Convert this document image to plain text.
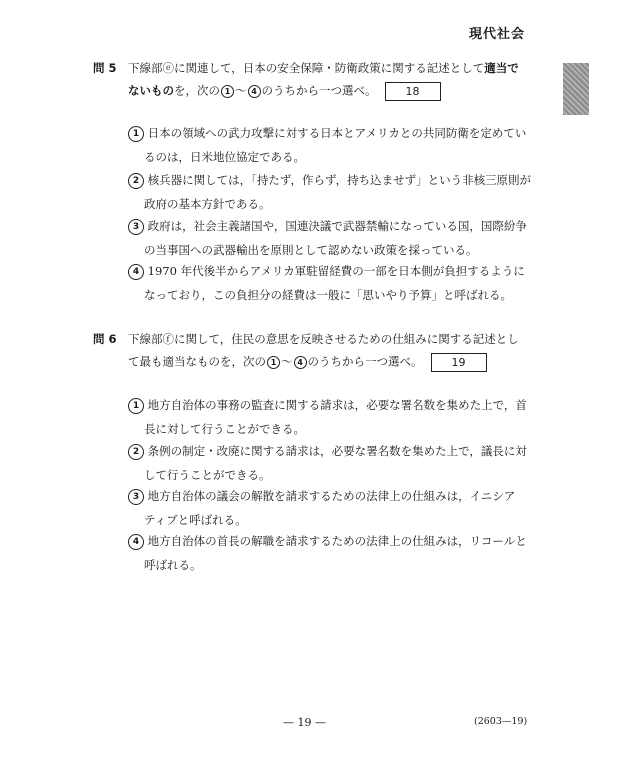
現代社会
問 5 下線部ⓔに関連して，日本の安全保障・防衛政策に関する記述として適当で
ないものを，次の 1 〜 4 のうちから一つ選べ。	18
1 日本の領域への武力攻撃に対する日本とアメリカとの共同防衛を定めてい
るのは，日米地位協定である。
2 核兵器に関しては，「持たず，作らず，持ち込ませず」という非核三原則が
政府の基本方針である。
3 政府は，社会主義諸国や，国連決議で武器禁輸になっている国，国際紛争
の当事国への武器輸出を原則として認めない政策を採っている。
4 1970 年代後半からアメリカ軍駐留経費の一部を日本側が負担するように
なっており，この負担分の経費は一般に「思いやり予算」と呼ばれる。
問 6 下線部ⓕに関して，住民の意思を反映させるための仕組みに関する記述とし
て最も適当なものを，次の 1 〜 4 のうちから一つ選べ。	19
1 地方自治体の事務の監査に関する請求は，必要な署名数を集めた上で，首
長に対して行うことができる。
2 条例の制定・改廃に関する請求は，必要な署名数を集めた上で，議長に対
して行うことができる。
3 地方自治体の議会の解散を請求するための法律上の仕組みは，イニシア
ティブと呼ばれる。
4 地方自治体の首長の解職を請求するための法律上の仕組みは，リコールと
呼ばれる。
— 19 —	(2603—19)
